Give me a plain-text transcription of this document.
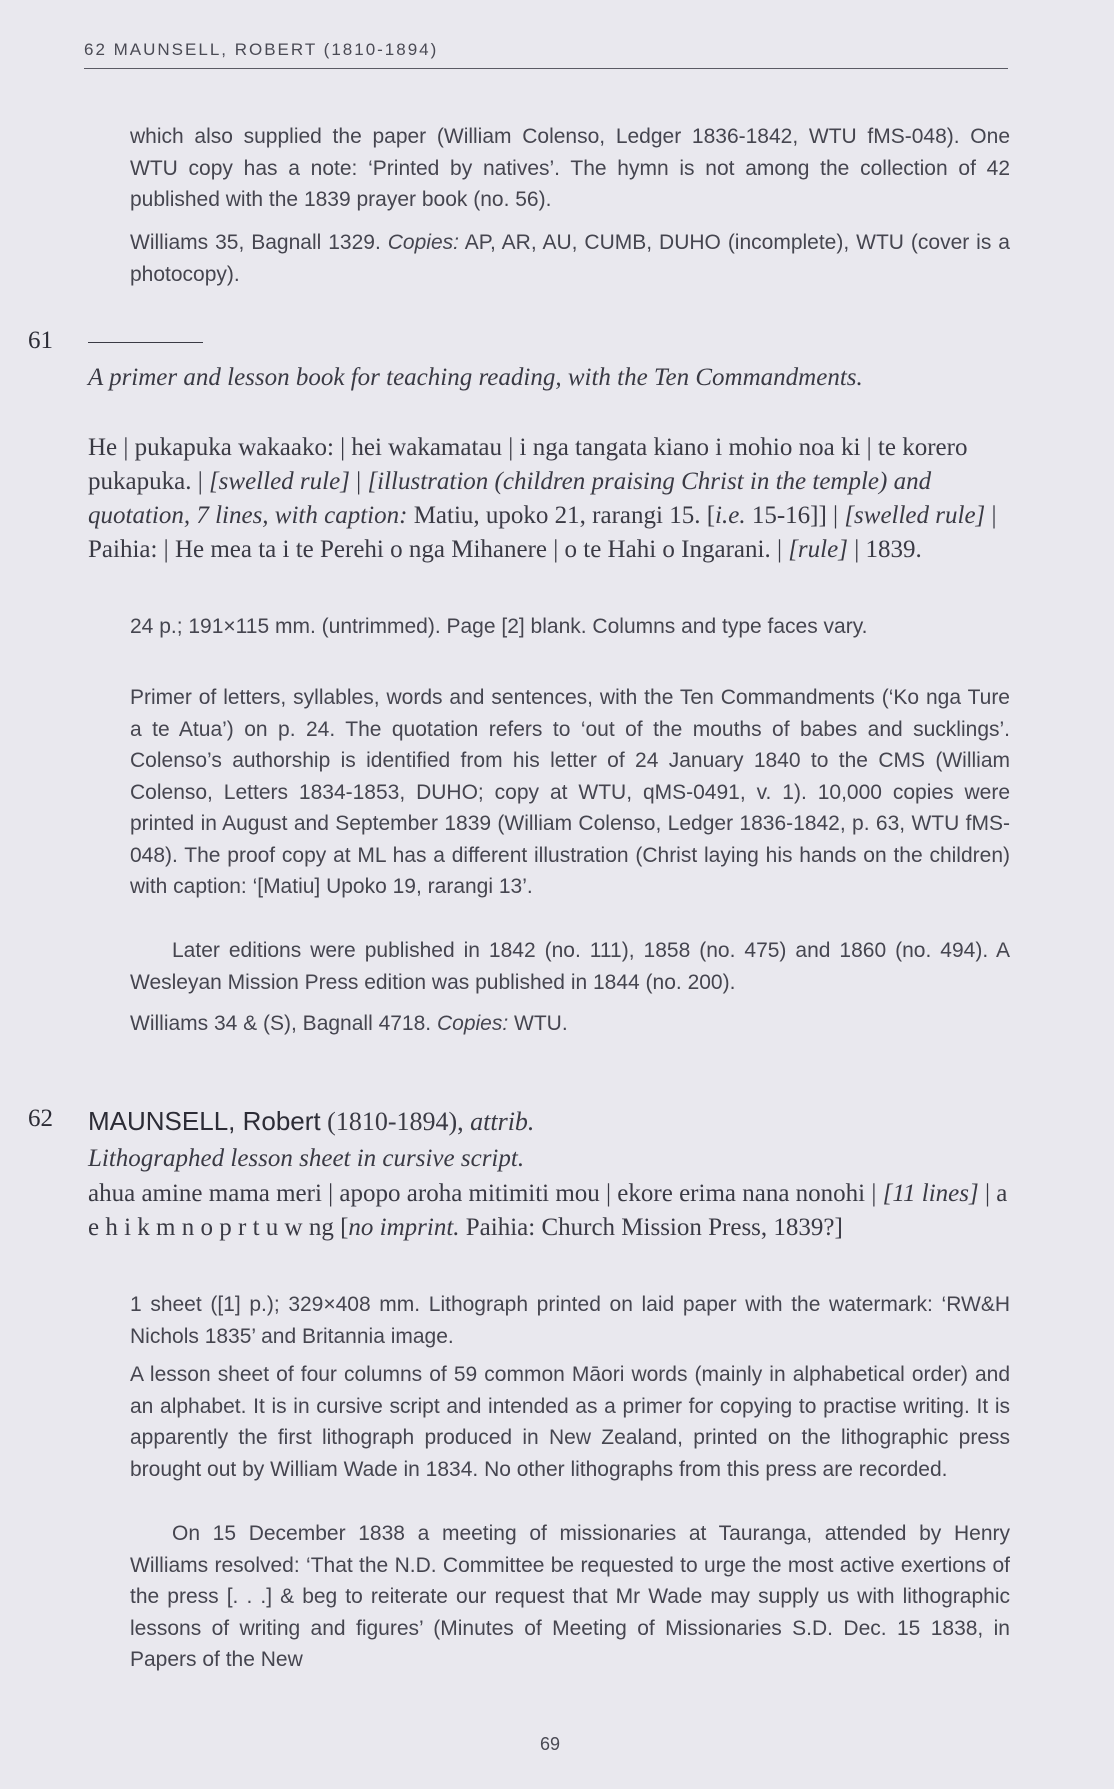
62 MAUNSELL, ROBERT (1810-1894)

which also supplied the paper (William Colenso, Ledger 1836-1842, WTU fMS-048). One WTU copy has a note: ‘Printed by natives’. The hymn is not among the collection of 42 published with the 1839 prayer book (no. 56).

Williams 35, Bagnall 1329. Copies: AP, AR, AU, CUMB, DUHO (incomplete), WTU (cover is a photocopy).

61

A primer and lesson book for teaching reading, with the Ten Commandments.

He | pukapuka wakaako: | hei wakamatau | i nga tangata kiano i mohio noa ki | te korero pukapuka. | [swelled rule] | [illustration (children praising Christ in the temple) and quotation, 7 lines, with caption: Matiu, upoko 21, rarangi 15. [i.e. 15-16]] | [swelled rule] | Paihia: | He mea ta i te Perehi o nga Mihanere | o te Hahi o Ingarani. | [rule] | 1839.

24 p.; 191×115 mm. (untrimmed). Page [2] blank. Columns and type faces vary.

Primer of letters, syllables, words and sentences, with the Ten Commandments (‘Ko nga Ture a te Atua’) on p. 24. The quotation refers to ‘out of the mouths of babes and sucklings’. Colenso’s authorship is identified from his letter of 24 January 1840 to the CMS (William Colenso, Letters 1834-1853, DUHO; copy at WTU, qMS-0491, v. 1). 10,000 copies were printed in August and September 1839 (William Colenso, Ledger 1836-1842, p. 63, WTU fMS-048). The proof copy at ML has a different illustration (Christ laying his hands on the children) with caption: ‘[Matiu] Upoko 19, rarangi 13’.

Later editions were published in 1842 (no. 111), 1858 (no. 475) and 1860 (no. 494). A Wesleyan Mission Press edition was published in 1844 (no. 200).

Williams 34 & (S), Bagnall 4718. Copies: WTU.

62 MAUNSELL, Robert (1810-1894), attrib.

Lithographed lesson sheet in cursive script.

ahua amine mama meri | apopo aroha mitimiti mou | ekore erima nana nonohi | [11 lines] | a e h i k m n o p r t u w ng [no imprint. Paihia: Church Mission Press, 1839?]

1 sheet ([1] p.); 329×408 mm. Lithograph printed on laid paper with the watermark: ‘RW&H Nichols 1835’ and Britannia image.

A lesson sheet of four columns of 59 common Māori words (mainly in alphabetical order) and an alphabet. It is in cursive script and intended as a primer for copying to practise writing. It is apparently the first lithograph produced in New Zealand, printed on the lithographic press brought out by William Wade in 1834. No other lithographs from this press are recorded.

On 15 December 1838 a meeting of missionaries at Tauranga, attended by Henry Williams resolved: ‘That the N.D. Committee be requested to urge the most active exertions of the press [. . .] & beg to reiterate our request that Mr Wade may supply us with lithographic lessons of writing and figures’ (Minutes of Meeting of Missionaries S.D. Dec. 15 1838, in Papers of the New

69
